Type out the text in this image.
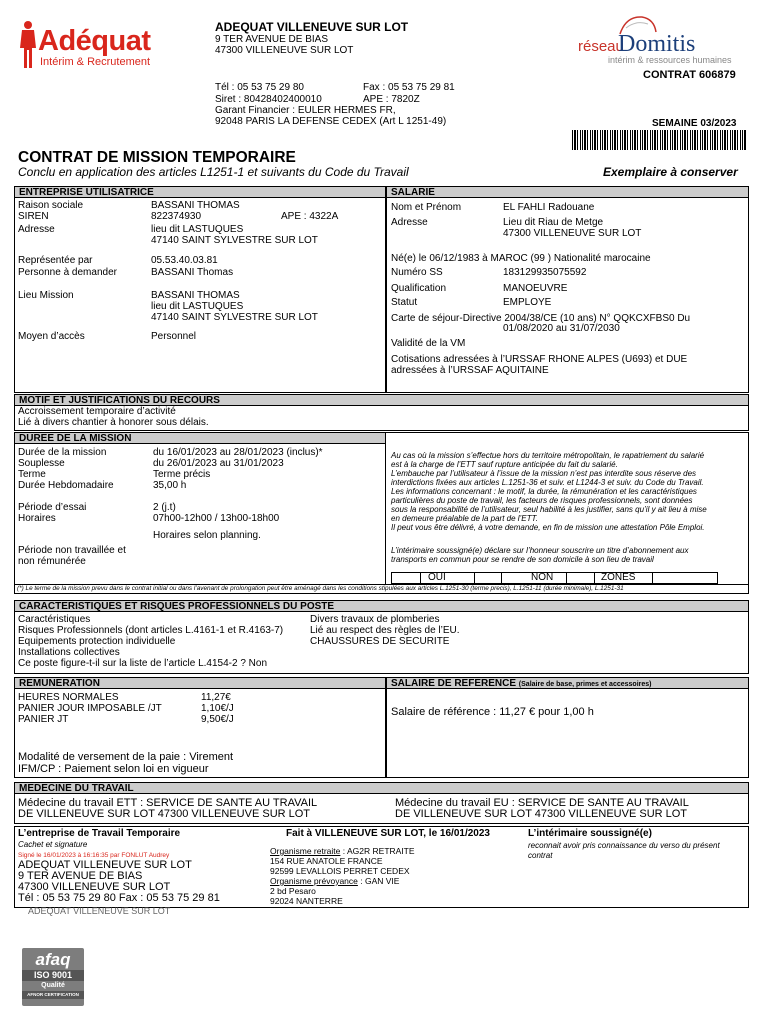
Adéquat
Intérim & Recrutement
ADEQUAT VILLENEUVE SUR LOT
9 TER AVENUE DE BIAS
47300 VILLENEUVE SUR LOT
Tél : 05 53 75 29 80	Fax : 05 53 75 29 81
Siret : 80428402400010	APE : 7820Z
Garant Financier : EULER HERMES FR,
92048 PARIS LA DEFENSE CEDEX (Art L 1251-49)
réseau
Domitis
intérim & ressources humaines
CONTRAT 606879
SEMAINE 03/2023
CONTRAT DE MISSION TEMPORAIRE
Conclu en application des articles L1251-1 et suivants du Code du Travail	Exemplaire à conserver
ENTREPRISE UTILISATRICE	SALARIE
Raison sociale	BASSANI THOMAS
SIREN	822374930	APE : 4322A
Adresse	lieu dit LASTUQUES
47140 SAINT SYLVESTRE SUR LOT
Représentée par	05.53.40.03.81
Personne à demander	BASSANI Thomas
Lieu Mission	BASSANI THOMAS
lieu dit LASTUQUES
47140 SAINT SYLVESTRE SUR LOT
Moyen d’accès	Personnel
Nom et Prénom	EL FAHLI Radouane
Adresse	Lieu dit Riau de Metge
47300 VILLENEUVE SUR LOT
Né(e) le 06/12/1983 à MAROC (99 ) Nationalité marocaine
Numéro SS	183129935075592
Qualification	MANOEUVRE
Statut	EMPLOYE
Carte de séjour-Directive 2004/38/CE (10 ans) N° QQKCXFBS0 Du
01/08/2020 au 31/07/2030
Validité de la VM
Cotisations adressées à l’URSSAF RHONE ALPES (U693) et DUE
adressées à l’URSSAF AQUITAINE
MOTIF ET JUSTIFICATIONS DU RECOURS
Accroissement temporaire d’activité
Lié à divers chantier à honorer sous délais.
DUREE DE LA MISSION
Durée de la mission	du 16/01/2023 au 28/01/2023 (inclus)*
Souplesse	du 26/01/2023 au 31/01/2023
Terme	Terme précis
Durée Hebdomadaire	35,00 h
Période d’essai	2 (j.t)
Horaires	07h00-12h00 / 13h00-18h00
Horaires selon planning.
Période non travaillée et
non rémunérée
Au cas où la mission s’effectue hors du territoire métropolitain, le rapatriement du salarié
est à la charge de l’ETT sauf rupture anticipée du fait du salarié.
L’embauche par l’utilisateur à l’issue de la mission n’est pas interdite sous réserve des
interdictions fixées aux articles L.1251-36 et suiv. et L1244-3 et suiv. du Code du Travail.
Les informations concernant : le motif, la durée, la rémunération et les caractéristiques
particulières du poste de travail, les facteurs de risques professionnels, sont données
sous la responsabilité de l’utilisateur, seul habilité à les justifier, sans qu’il y ait lieu à mise
en demeure préalable de la part de l’ETT.
Il peut vous être délivré, à votre demande, en fin de mission une attestation Pôle Emploi.
L’intérimaire soussigné(e) déclare sur l’honneur souscrire un titre d’abonnement aux
transports en commun pour se rendre de son domicile à son lieu de travail
OUI	NON	ZONES
(*) Le terme de la mission prevu dans le contrat initial ou dans l’avenant de prolongation peut être aménagé dans les conditions stipulées aux articles L.1251-30 (terme precis), L.1251-11 (durée minimale), L.1251-31
CARACTERISTIQUES ET RISQUES PROFESSIONNELS DU POSTE
Caractéristiques	Divers travaux de plomberies
Risques Professionnels (dont articles L.4161-1 et R.4163-7)	Lié au respect des règles de l’EU.
Equipements protection individuelle	CHAUSSURES DE SECURITE
Installations collectives
Ce poste figure-t-il sur la liste de l’article L.4154-2 ? Non
REMUNERATION	SALAIRE DE REFERENCE (Salaire de base, primes et accessoires)
HEURES NORMALES	11,27€
PANIER JOUR IMPOSABLE /JT	1,10€/J
PANIER JT	9,50€/J
Modalité de versement de la paie : Virement
IFM/CP : Paiement selon loi en vigueur
Salaire de référence : 11,27 € pour 1,00 h
MEDECINE DU TRAVAIL
Médecine du travail ETT : SERVICE DE SANTE AU TRAVAIL
DE VILLENEUVE SUR LOT 47300 VILLENEUVE SUR LOT
Médecine du travail EU : SERVICE DE SANTE AU TRAVAIL
DE VILLENEUVE SUR LOT 47300 VILLENEUVE SUR LOT
L’entreprise de Travail Temporaire
Cachet et signature
Signé le 16/01/2023 à 16:16:35 par FONLUT Audrey
ADEQUAT VILLENEUVE SUR LOT
9 TER AVENUE DE BIAS
47300 VILLENEUVE SUR LOT
Tél : 05 53 75 29 80 Fax : 05 53 75 29 81
ADEQUAT VILLENEUVE SUR LOT
Fait à VILLENEUVE SUR LOT, le 16/01/2023
Organisme retraite : AG2R RETRAITE
154 RUE ANATOLE FRANCE
92599 LEVALLOIS PERRET CEDEX
Organisme prévoyance : GAN VIE
2 bd Pesaro
92024 NANTERRE
L’intérimaire soussigné(e)
reconnait avoir pris connaissance du verso du présent
contrat
afaq
ISO 9001
Qualité
AFNOR CERTIFICATION
